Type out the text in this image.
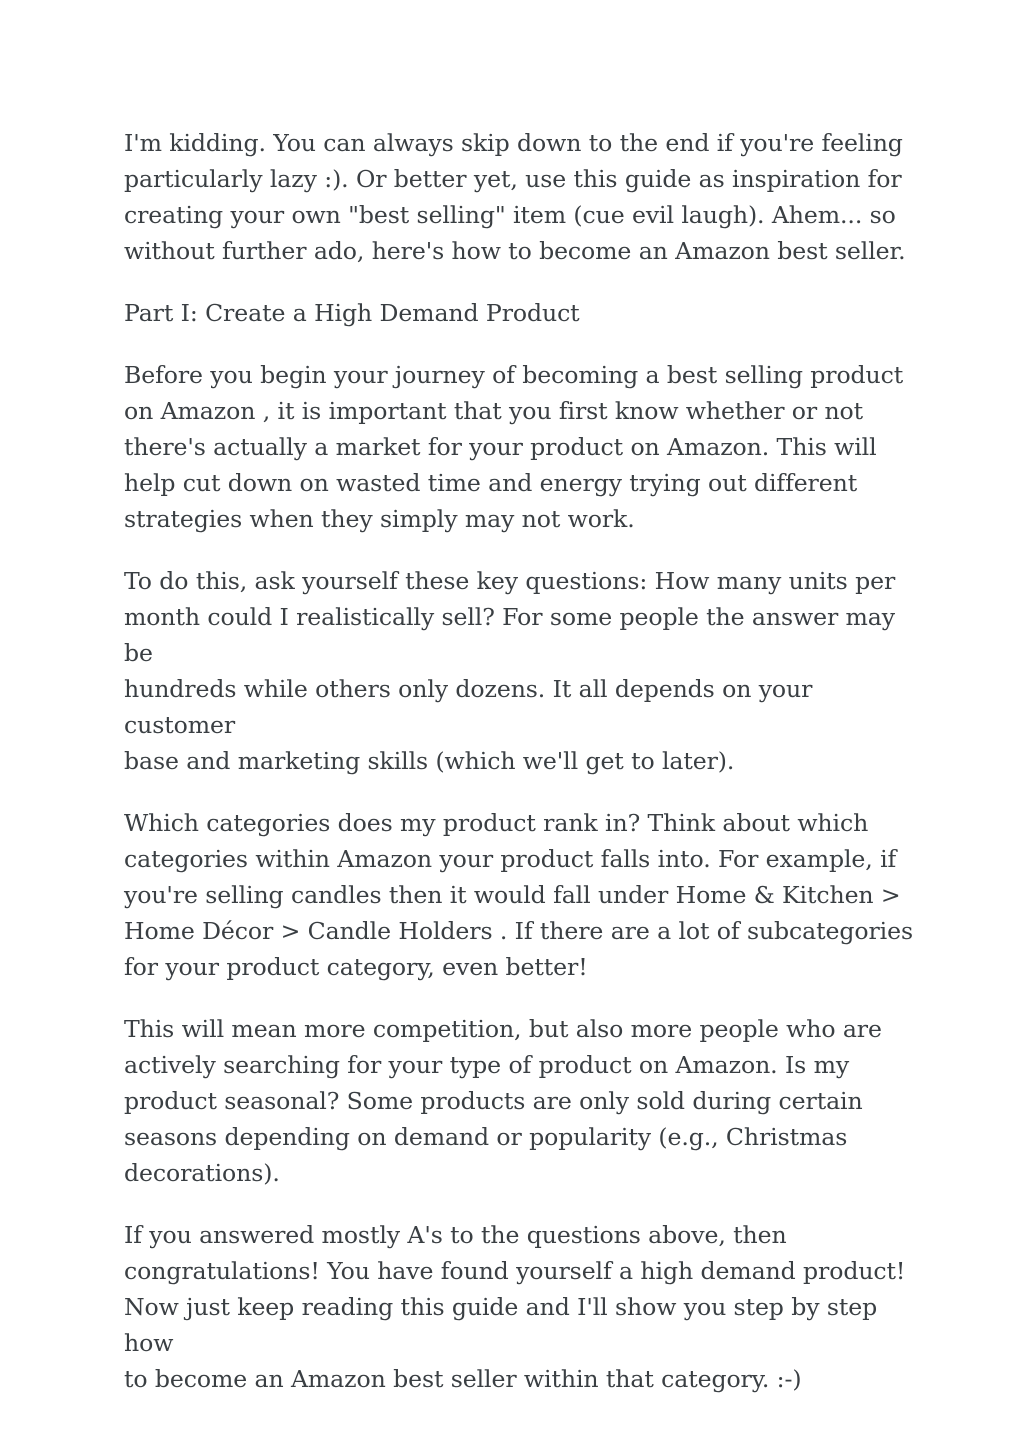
I'm kidding. You can always skip down to the end if you're feeling
particularly lazy :). Or better yet, use this guide as inspiration for
creating your own "best selling" item (cue evil laugh). Ahem... so
without further ado, here's how to become an Amazon best seller.
Part I: Create a High Demand Product
Before you begin your journey of becoming a best selling product
on Amazon , it is important that you first know whether or not
there's actually a market for your product on Amazon. This will
help cut down on wasted time and energy trying out different
strategies when they simply may not work.
To do this, ask yourself these key questions: How many units per
month could I realistically sell? For some people the answer may be
hundreds while others only dozens. It all depends on your customer
base and marketing skills (which we'll get to later).
Which categories does my product rank in? Think about which
categories within Amazon your product falls into. For example, if
you're selling candles then it would fall under Home & Kitchen >
Home Décor > Candle Holders . If there are a lot of subcategories
for your product category, even better!
This will mean more competition, but also more people who are
actively searching for your type of product on Amazon. Is my
product seasonal? Some products are only sold during certain
seasons depending on demand or popularity (e.g., Christmas
decorations).
If you answered mostly A's to the questions above, then
congratulations! You have found yourself a high demand product!
Now just keep reading this guide and I'll show you step by step how
to become an Amazon best seller within that category. :-)
